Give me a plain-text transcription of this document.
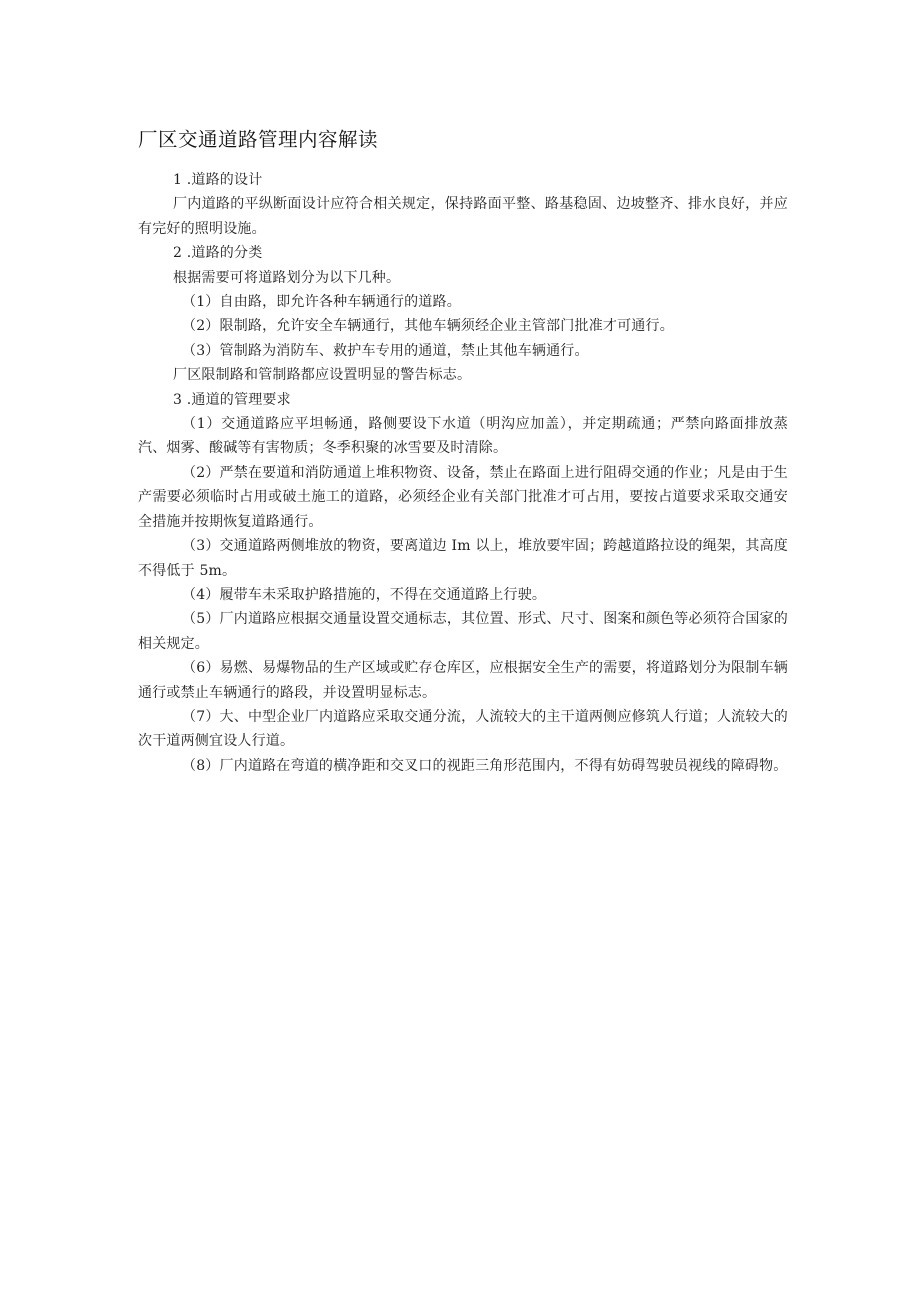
厂区交通道路管理内容解读

1 .道路的设计

厂内道路的平纵断面设计应符合相关规定，保持路面平整、路基稳固、边坡整齐、排水良好，并应有完好的照明设施。

2 .道路的分类

根据需要可将道路划分为以下几种。

（1）自由路，即允许各种车辆通行的道路。

（2）限制路，允许安全车辆通行，其他车辆须经企业主管部门批准才可通行。

（3）管制路为消防车、救护车专用的通道，禁止其他车辆通行。

厂区限制路和管制路都应设置明显的警告标志。

3 .通道的管理要求

（1）交通道路应平坦畅通，路侧要设下水道（明沟应加盖），并定期疏通；严禁向路面排放蒸汽、烟雾、酸碱等有害物质；冬季积聚的冰雪要及时清除。

（2）严禁在要道和消防通道上堆积物资、设备，禁止在路面上进行阻碍交通的作业；凡是由于生产需要必须临时占用或破土施工的道路，必须经企业有关部门批准才可占用，要按占道要求采取交通安全措施并按期恢复道路通行。

（3）交通道路两侧堆放的物资，要离道边 Im 以上，堆放要牢固；跨越道路拉设的绳架，其高度不得低于 5m。

（4）履带车未采取护路措施的，不得在交通道路上行驶。

（5）厂内道路应根据交通量设置交通标志，其位置、形式、尺寸、图案和颜色等必须符合国家的相关规定。

（6）易燃、易爆物品的生产区域或贮存仓库区，应根据安全生产的需要，将道路划分为限制车辆通行或禁止车辆通行的路段，并设置明显标志。

（7）大、中型企业厂内道路应采取交通分流，人流较大的主干道两侧应修筑人行道；人流较大的次干道两侧宜设人行道。

（8）厂内道路在弯道的横净距和交叉口的视距三角形范围内，不得有妨碍驾驶员视线的障碍物。
